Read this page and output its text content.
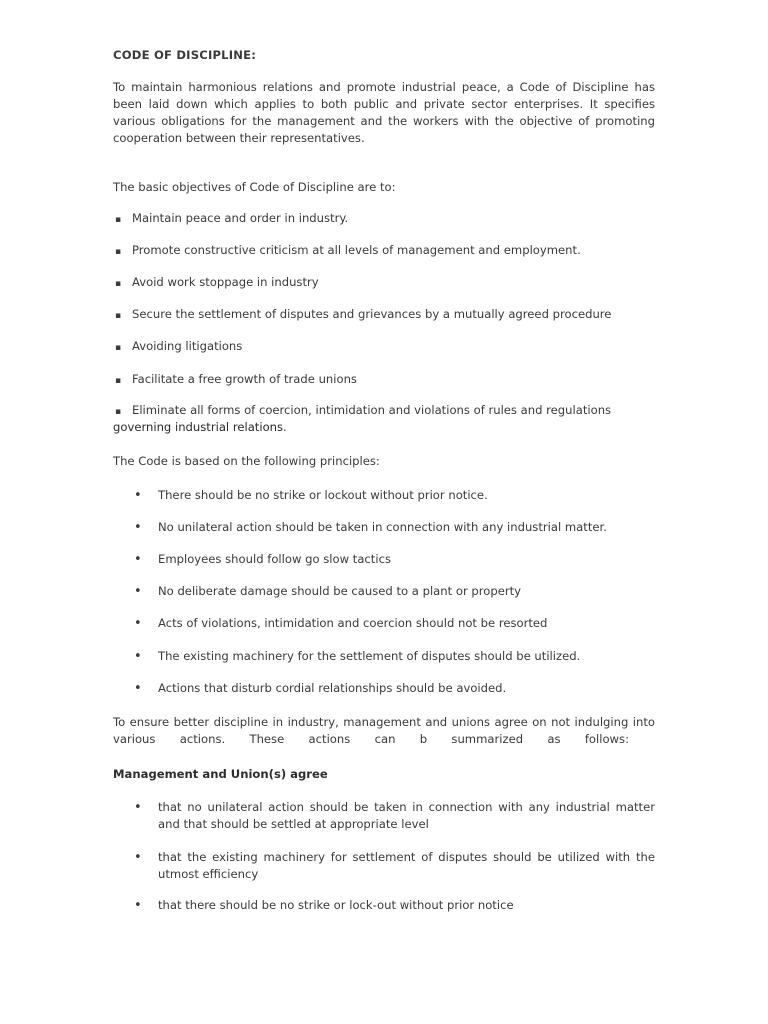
CODE OF DISCIPLINE:
To maintain harmonious relations and promote industrial peace, a Code of Discipline has been laid down which applies to both public and private sector enterprises. It specifies various obligations for the management and the workers with the objective of promoting cooperation between their representatives.
The basic objectives of Code of Discipline are to:
▪ Maintain peace and order in industry.
▪ Promote constructive criticism at all levels of management and employment.
▪ Avoid work stoppage in industry
▪ Secure the settlement of disputes and grievances by a mutually agreed procedure
▪ Avoiding litigations
▪ Facilitate a free growth of trade unions
▪ Eliminate all forms of coercion, intimidation and violations of rules and regulations
governing industrial relations.
The Code is based on the following principles:
• There should be no strike or lockout without prior notice.
• No unilateral action should be taken in connection with any industrial matter.
• Employees should follow go slow tactics
• No deliberate damage should be caused to a plant or property
• Acts of violations, intimidation and coercion should not be resorted
• The existing machinery for the settlement of disputes should be utilized.
• Actions that disturb cordial relationships should be avoided.
To ensure better discipline in industry, management and unions agree on not indulging into
various actions. These actions can b summarized as follows:
Management and Union(s) agree
• that no unilateral action should be taken in connection with any industrial matter and that should be settled at appropriate level
• that the existing machinery for settlement of disputes should be utilized with the utmost efficiency
• that there should be no strike or lock-out without prior notice
